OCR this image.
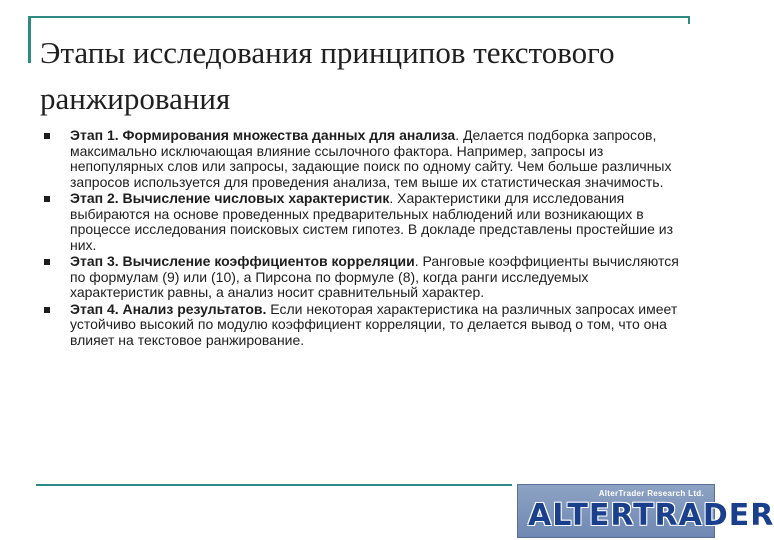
Этапы исследования принципов текстового ранжирования
Этап 1. Формирования множества данных для анализа. Делается подборка запросов, максимально исключающая влияние ссылочного фактора. Например, запросы из непопулярных слов или запросы, задающие поиск по одному сайту. Чем больше различных запросов используется для проведения анализа, тем выше их статистическая значимость.
Этап 2. Вычисление числовых характеристик. Характеристики для исследования выбираются на основе проведенных предварительных наблюдений или возникающих в процессе исследования поисковых систем гипотез. В докладе представлены простейшие из них.
Этап 3. Вычисление коэффициентов корреляции. Ранговые коэффициенты вычисляются по формулам (9) или (10), а Пирсона по формуле (8), когда ранги исследуемых характеристик равны, а анализ носит сравнительный характер.
Этап 4. Анализ результатов. Если некоторая характеристика на различных запросах имеет устойчиво высокий по модулю коэффициент корреляции, то делается вывод о том, что она влияет на текстовое ранжирование.
AlterTrader Research Ltd.
ALTERTRADER
